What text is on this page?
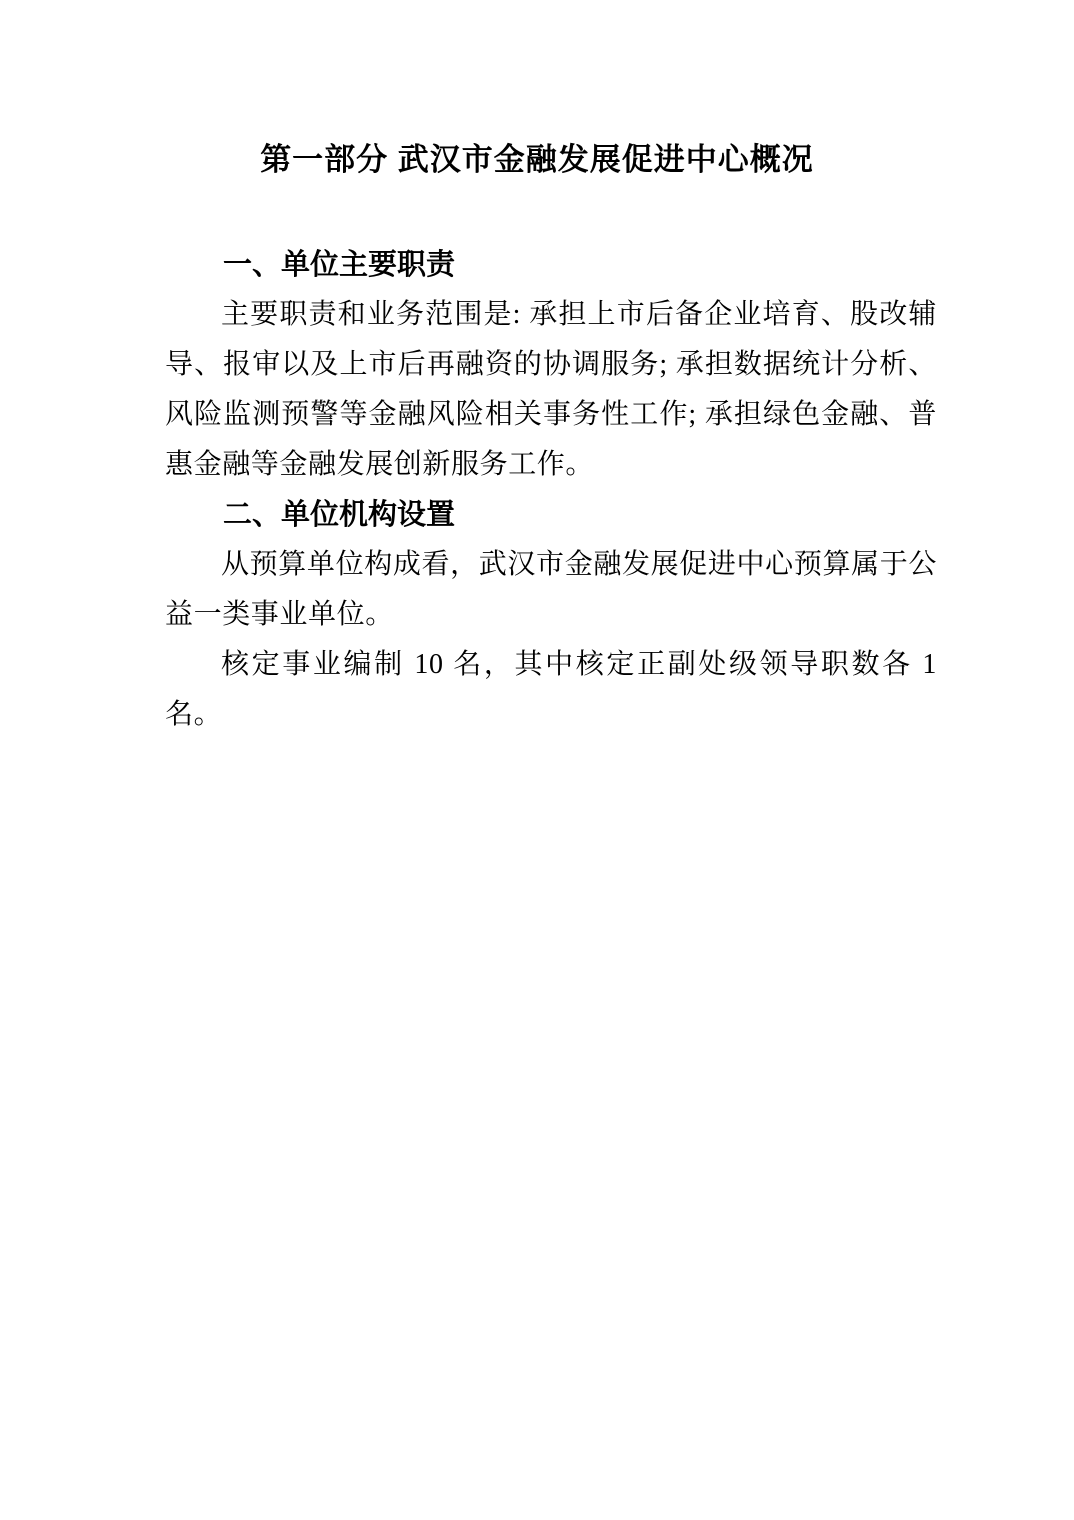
第一部分 武汉市金融发展促进中心概况
一、单位主要职责

主要职责和业务范围是: 承担上市后备企业培育、股改辅导、报审以及上市后再融资的协调服务; 承担数据统计分析、风险监测预警等金融风险相关事务性工作; 承担绿色金融、普惠金融等金融发展创新服务工作。

二、单位机构设置

从预算单位构成看，武汉市金融发展促进中心预算属于公益一类事业单位。

核定事业编制 10 名，其中核定正副处级领导职数各 1 名。
